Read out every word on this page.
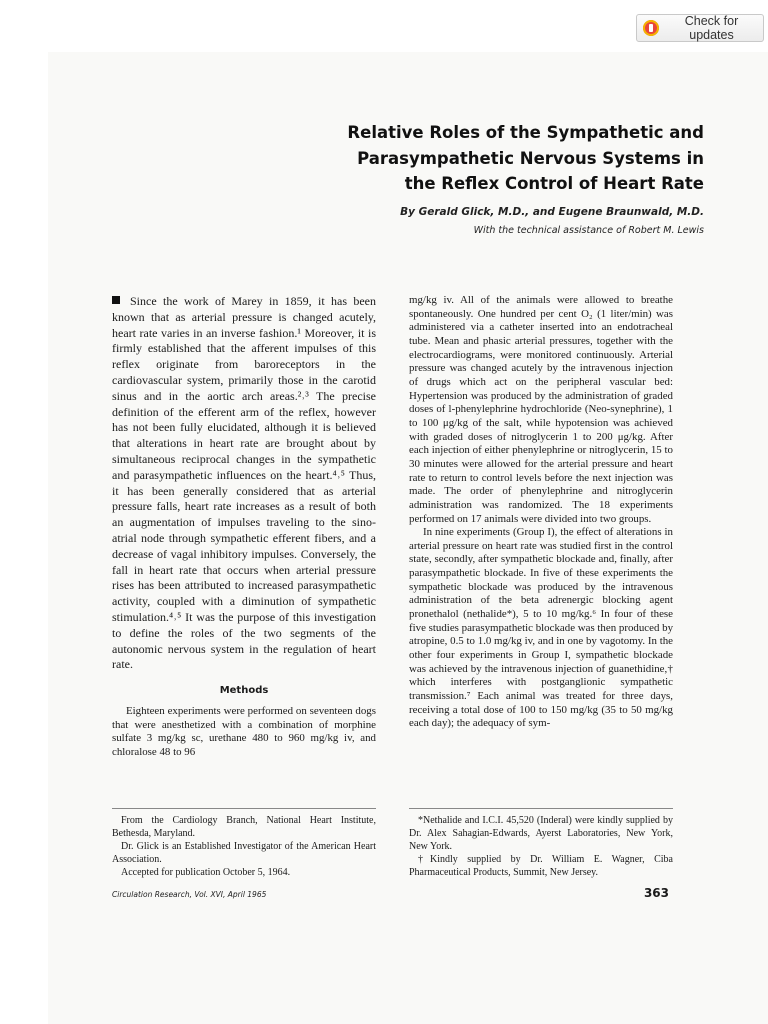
Check for updates
Relative Roles of the Sympathetic and
Parasympathetic Nervous Systems in
the Reflex Control of Heart Rate
By Gerald Glick, M.D., and Eugene Braunwald, M.D.
With the technical assistance of Robert M. Lewis

Since the work of Marey in 1859, it has been known that as arterial pressure is changed acutely, heart rate varies in an inverse fashion.¹ Moreover, it is firmly established that the afferent impulses of this reflex originate from baroreceptors in the cardiovascular system, primarily those in the carotid sinus and in the aortic arch areas.²˒³ The precise definition of the efferent arm of the reflex, however has not been fully elucidated, although it is believed that alterations in heart rate are brought about by simultaneous reciprocal changes in the sympathetic and parasympathetic influences on the heart.⁴˒⁵ Thus, it has been generally considered that as arterial pressure falls, heart rate increases as a result of both an augmentation of impulses traveling to the sino-atrial node through sympathetic efferent fibers, and a decrease of vagal inhibitory impulses. Conversely, the fall in heart rate that occurs when arterial pressure rises has been attributed to increased parasympathetic activity, coupled with a diminution of sympathetic stimulation.⁴˒⁵ It was the purpose of this investigation to define the roles of the two segments of the autonomic nervous system in the regulation of heart rate.

Methods

Eighteen experiments were performed on seventeen dogs that were anesthetized with a combination of morphine sulfate 3 mg/kg sc, urethane 480 to 960 mg/kg iv, and chloralose 48 to 96

mg/kg iv. All of the animals were allowed to breathe spontaneously. One hundred per cent O₂ (1 liter/min) was administered via a catheter inserted into an endotracheal tube. Mean and phasic arterial pressures, together with the electrocardiograms, were monitored continuously. Arterial pressure was changed acutely by the intravenous injection of drugs which act on the peripheral vascular bed: Hypertension was produced by the administration of graded doses of l-phenylephrine hydrochloride (Neo-synephrine), 1 to 100 μg/kg of the salt, while hypotension was achieved with graded doses of nitroglycerin 1 to 200 μg/kg. After each injection of either phenylephrine or nitroglycerin, 15 to 30 minutes were allowed for the arterial pressure and heart rate to return to control levels before the next injection was made. The order of phenylephrine and nitroglycerin administration was randomized. The 18 experiments performed on 17 animals were divided into two groups.

In nine experiments (Group I), the effect of alterations in arterial pressure on heart rate was studied first in the control state, secondly, after sympathetic blockade and, finally, after parasympathetic blockade. In five of these experiments the sympathetic blockade was produced by the intravenous administration of the beta adrenergic blocking agent pronethalol (nethalide*), 5 to 10 mg/kg.⁶ In four of these five studies parasympathetic blockade was then produced by atropine, 0.5 to 1.0 mg/kg iv, and in one by vagotomy. In the other four experiments in Group I, sympathetic blockade was achieved by the intravenous injection of guanethidine,† which interferes with postganglionic sympathetic transmission.⁷ Each animal was treated for three days, receiving a total dose of 100 to 150 mg/kg (35 to 50 mg/kg each day); the adequacy of sym-

From the Cardiology Branch, National Heart Institute, Bethesda, Maryland.

Dr. Glick is an Established Investigator of the American Heart Association.

Accepted for publication October 5, 1964.

*Nethalide and I.C.I. 45,520 (Inderal) were kindly supplied by Dr. Alex Sahagian-Edwards, Ayerst Laboratories, New York, New York.

†Kindly supplied by Dr. William E. Wagner, Ciba Pharmaceutical Products, Summit, New Jersey.

Circulation Research, Vol. XVI, April 1965	363
